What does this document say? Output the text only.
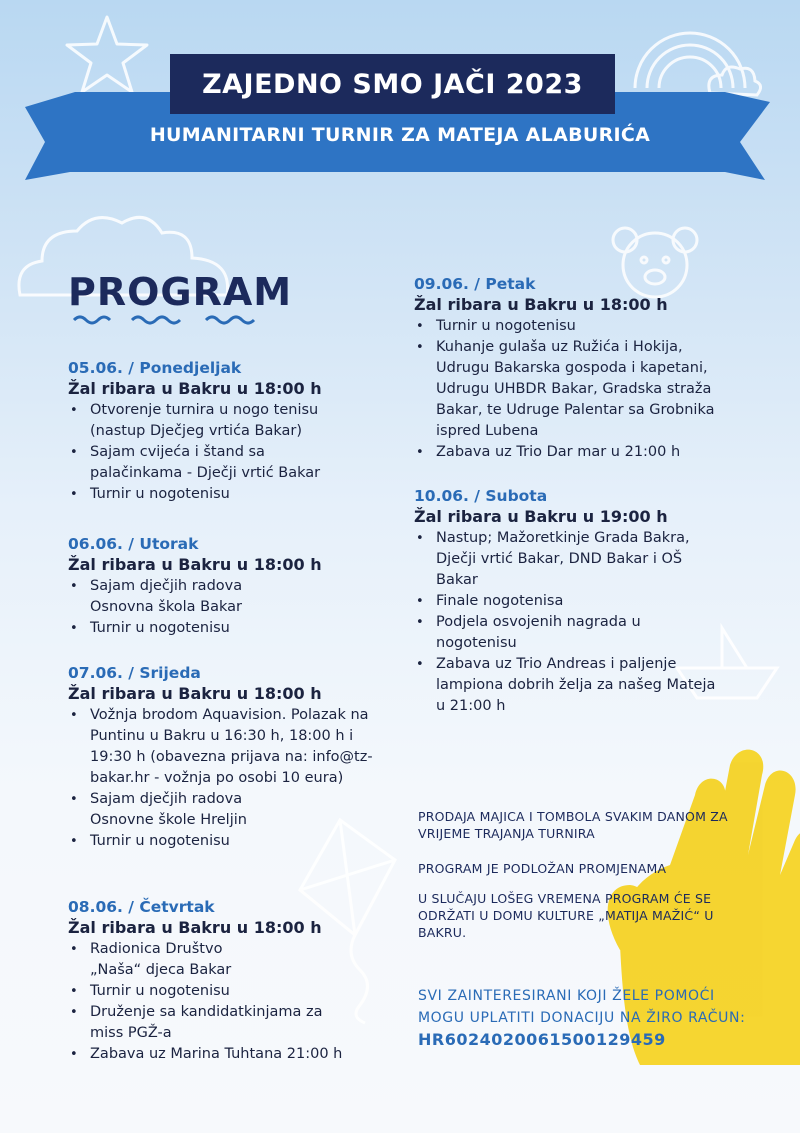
ZAJEDNO SMO JAČI 2023
HUMANITARNI TURNIR ZA MATEJA ALABURIĆA
PROGRAM
05.06. / Ponedjeljak
Žal ribara u Bakru u 18:00 h
• Otvorenje turnira u nogo tenisu (nastup Dječjeg vrtića Bakar)
• Sajam cvijeća i štand sa palačinkama - Dječji vrtić Bakar
• Turnir u nogotenisu
06.06. / Utorak
Žal ribara u Bakru u 18:00 h
• Sajam dječjih radova Osnovna škola Bakar
• Turnir u nogotenisu
07.06. / Srijeda
Žal ribara u Bakru u 18:00 h
• Vožnja brodom Aquavision. Polazak na Puntinu u Bakru u 16:30 h, 18:00 h i 19:30 h (obavezna prijava na: info@tz-bakar.hr - vožnja po osobi 10 eura)
• Sajam dječjih radova Osnovne škole Hreljin
• Turnir u nogotenisu
08.06. / Četvrtak
Žal ribara u Bakru u 18:00 h
• Radionica Društvo „Naša“ djeca Bakar
• Turnir u nogotenisu
• Druženje sa kandidatkinjama za miss PGŽ-a
• Zabava uz Marina Tuhtana 21:00 h
09.06. / Petak
Žal ribara u Bakru u 18:00 h
• Turnir u nogotenisu
• Kuhanje gulaša uz Ružića i Hokija, Udrugu Bakarska gospoda i kapetani, Udrugu UHBDR Bakar, Gradska straža Bakar, te Udruge Palentar sa Grobnika ispred Lubena
• Zabava uz Trio Dar mar u 21:00 h
10.06. / Subota
Žal ribara u Bakru u 19:00 h
• Nastup; Mažoretkinje Grada Bakra, Dječji vrtić Bakar, DND Bakar i OŠ Bakar
• Finale nogotenisa
• Podjela osvojenih nagrada u nogotenisu
• Zabava uz Trio Andreas i paljenje lampiona dobrih želja za našeg Mateja u 21:00 h
PRODAJA MAJICA I TOMBOLA SVAKIM DANOM ZA VRIJEME TRAJANJA TURNIRA
PROGRAM JE PODLOŽAN PROMJENAMA
U SLUČAJU LOŠEG VREMENA PROGRAM ĆE SE ODRŽATI U DOMU KULTURE „MATIJA MAŽIĆ“ U BAKRU.
SVI ZAINTERESIRANI KOJI ŽELE POMOĆI MOGU UPLATITI DONACIJU NA ŽIRO RAČUN:
HR6024020061500129459
